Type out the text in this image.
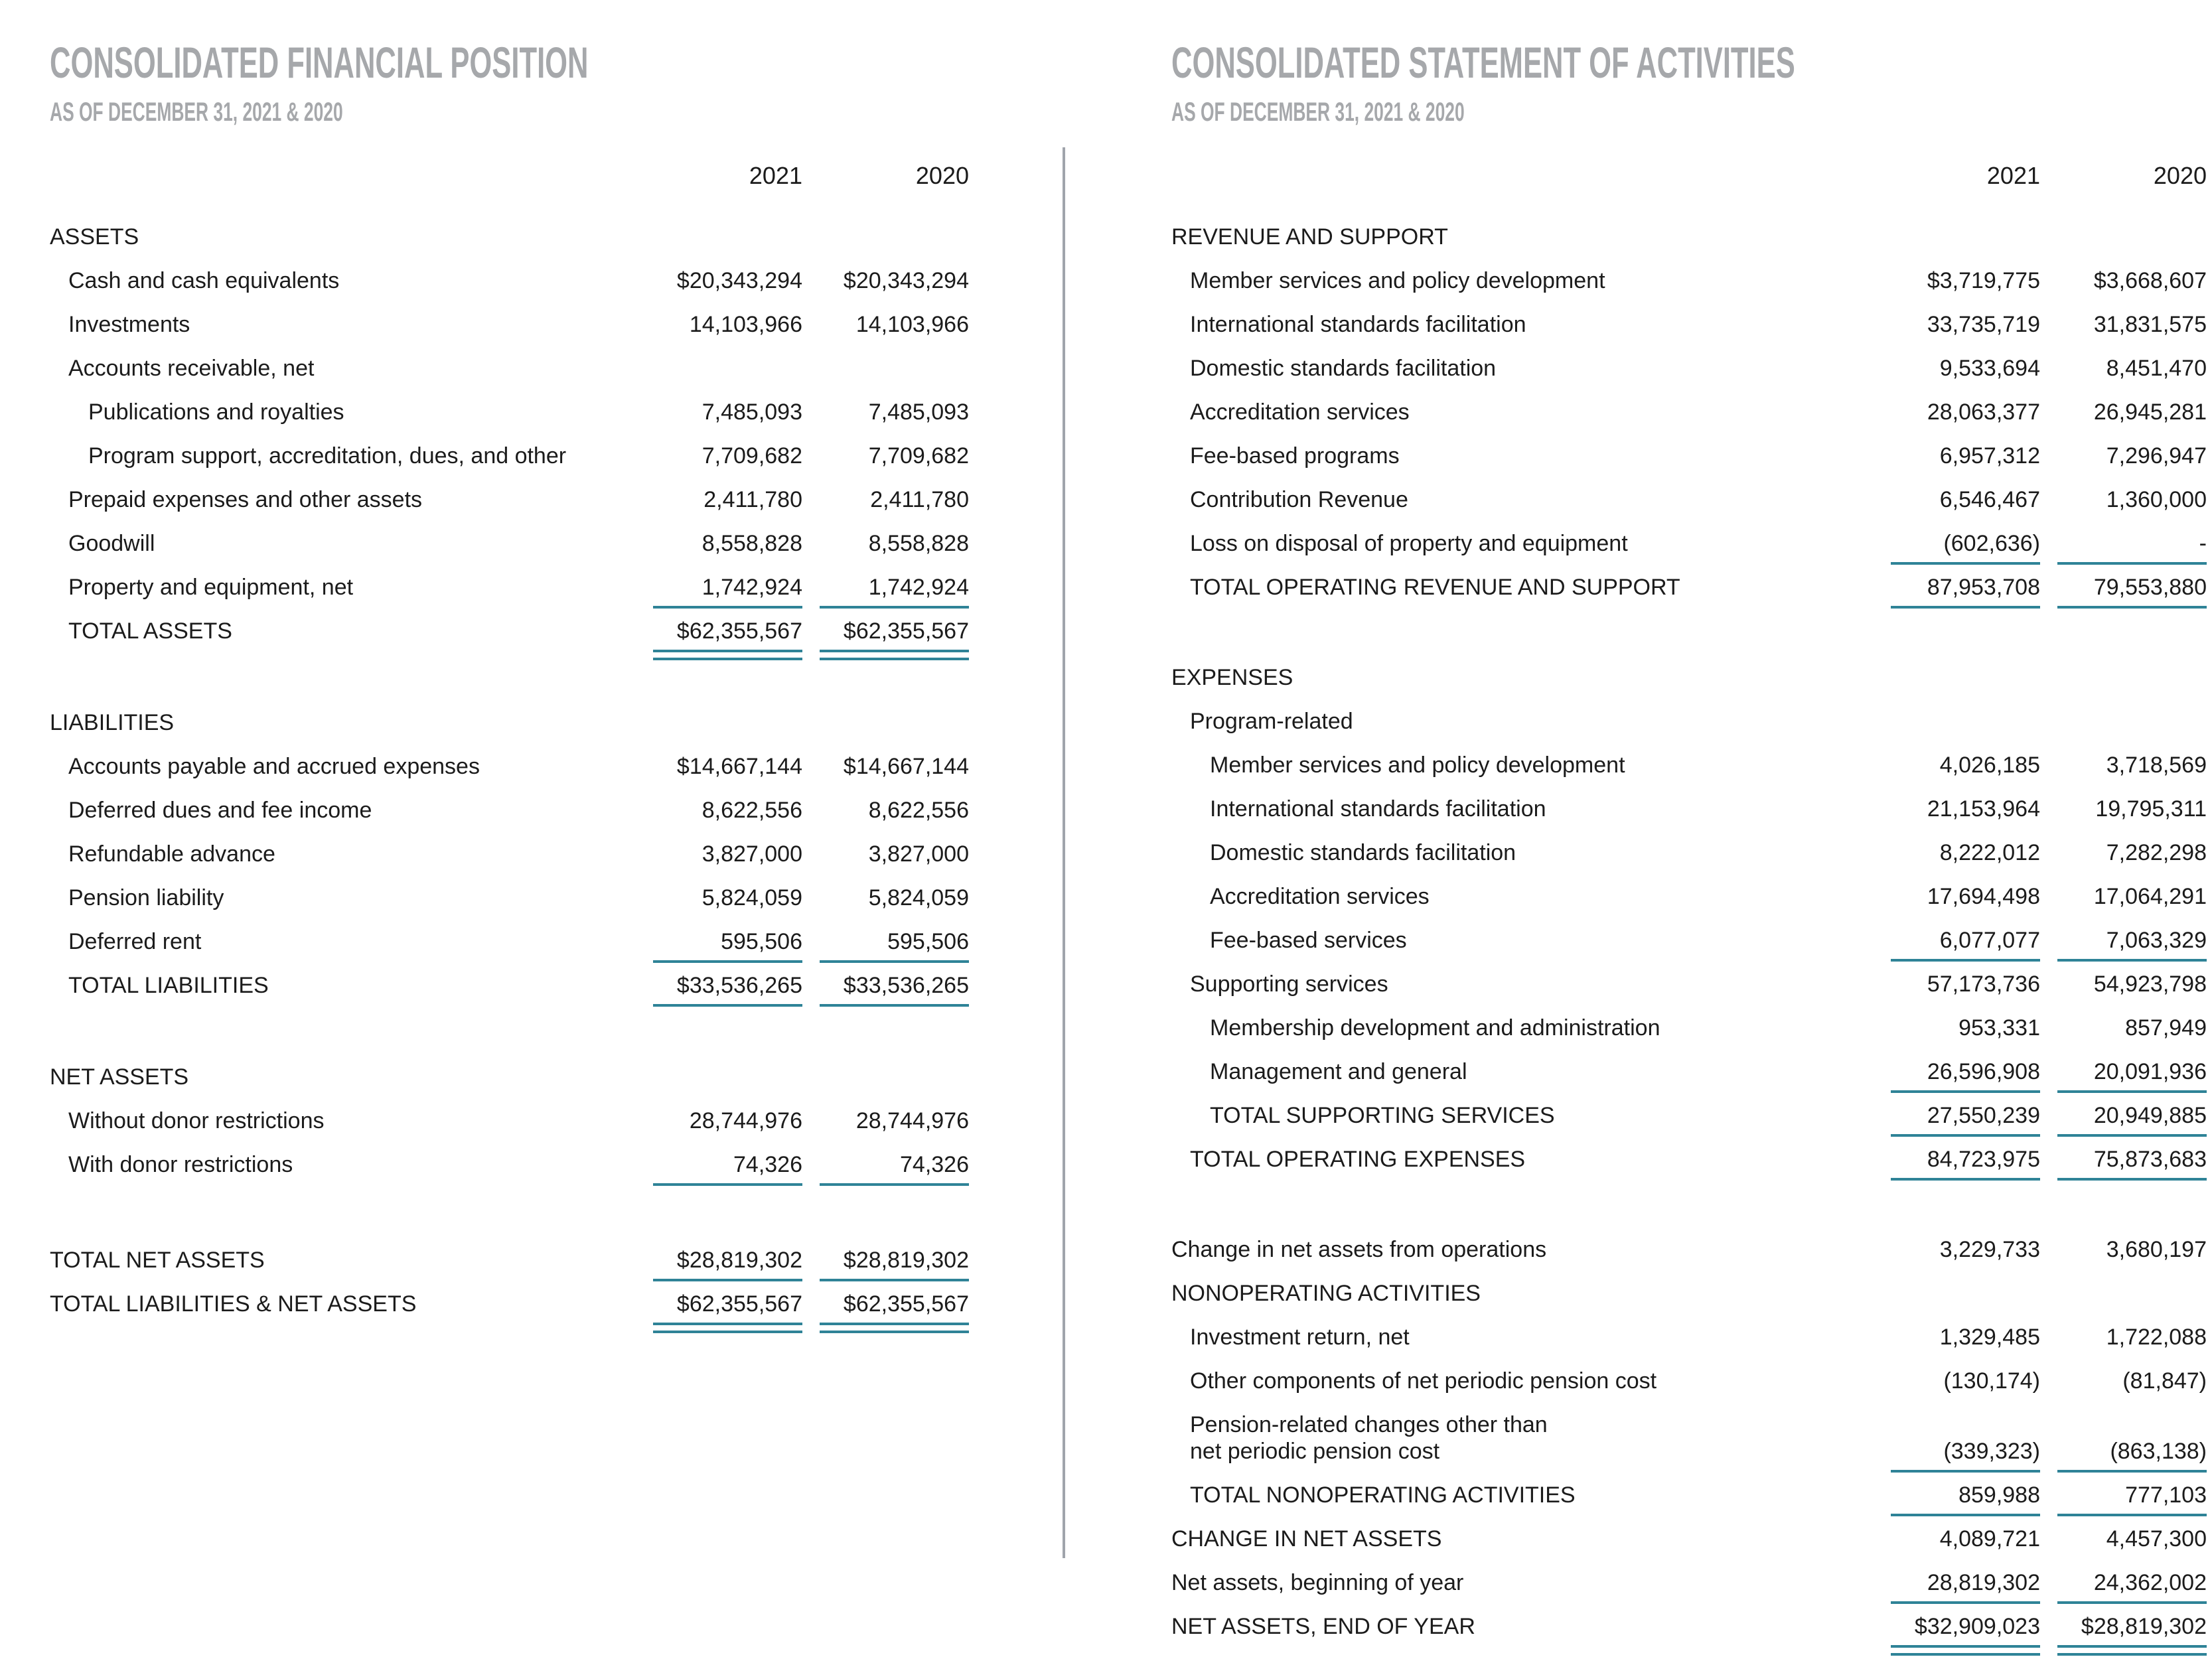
CONSOLIDATED FINANCIAL POSITION
AS OF DECEMBER 31, 2021 & 2020
2021	2020
ASSETS
Cash and cash equivalents	$20,343,294	$20,343,294
Investments	14,103,966	14,103,966
Accounts receivable, net
Publications and royalties	7,485,093	7,485,093
Program support, accreditation, dues, and other	7,709,682	7,709,682
Prepaid expenses and other assets	2,411,780	2,411,780
Goodwill	8,558,828	8,558,828
Property and equipment, net	1,742,924	1,742,924
TOTAL ASSETS	$62,355,567	$62,355,567
LIABILITIES
Accounts payable and accrued expenses	$14,667,144	$14,667,144
Deferred dues and fee income	8,622,556	8,622,556
Refundable advance	3,827,000	3,827,000
Pension liability	5,824,059	5,824,059
Deferred rent	595,506	595,506
TOTAL LIABILITIES	$33,536,265	$33,536,265
NET ASSETS
Without donor restrictions	28,744,976	28,744,976
With donor restrictions	74,326	74,326
TOTAL NET ASSETS	$28,819,302	$28,819,302
TOTAL LIABILITIES & NET ASSETS	$62,355,567	$62,355,567
CONSOLIDATED STATEMENT OF ACTIVITIES
AS OF DECEMBER 31, 2021 & 2020
2021	2020
REVENUE AND SUPPORT
Member services and policy development	$3,719,775	$3,668,607
International standards facilitation	33,735,719	31,831,575
Domestic standards facilitation	9,533,694	8,451,470
Accreditation services	28,063,377	26,945,281
Fee-based programs	6,957,312	7,296,947
Contribution Revenue	6,546,467	1,360,000
Loss on disposal of property and equipment	(602,636)	-
TOTAL OPERATING REVENUE AND SUPPORT	87,953,708	79,553,880
EXPENSES
Program-related
Member services and policy development	4,026,185	3,718,569
International standards facilitation	21,153,964	19,795,311
Domestic standards facilitation	8,222,012	7,282,298
Accreditation services	17,694,498	17,064,291
Fee-based services	6,077,077	7,063,329
Supporting services	57,173,736	54,923,798
Membership development and administration	953,331	857,949
Management and general	26,596,908	20,091,936
TOTAL SUPPORTING SERVICES	27,550,239	20,949,885
TOTAL OPERATING EXPENSES	84,723,975	75,873,683
Change in net assets from operations	3,229,733	3,680,197
NONOPERATING ACTIVITIES
Investment return, net	1,329,485	1,722,088
Other components of net periodic pension cost	(130,174)	(81,847)
Pension-related changes other than
net periodic pension cost	(339,323)	(863,138)
TOTAL NONOPERATING ACTIVITIES	859,988	777,103
CHANGE IN NET ASSETS	4,089,721	4,457,300
Net assets, beginning of year	28,819,302	24,362,002
NET ASSETS, END OF YEAR	$32,909,023	$28,819,302
